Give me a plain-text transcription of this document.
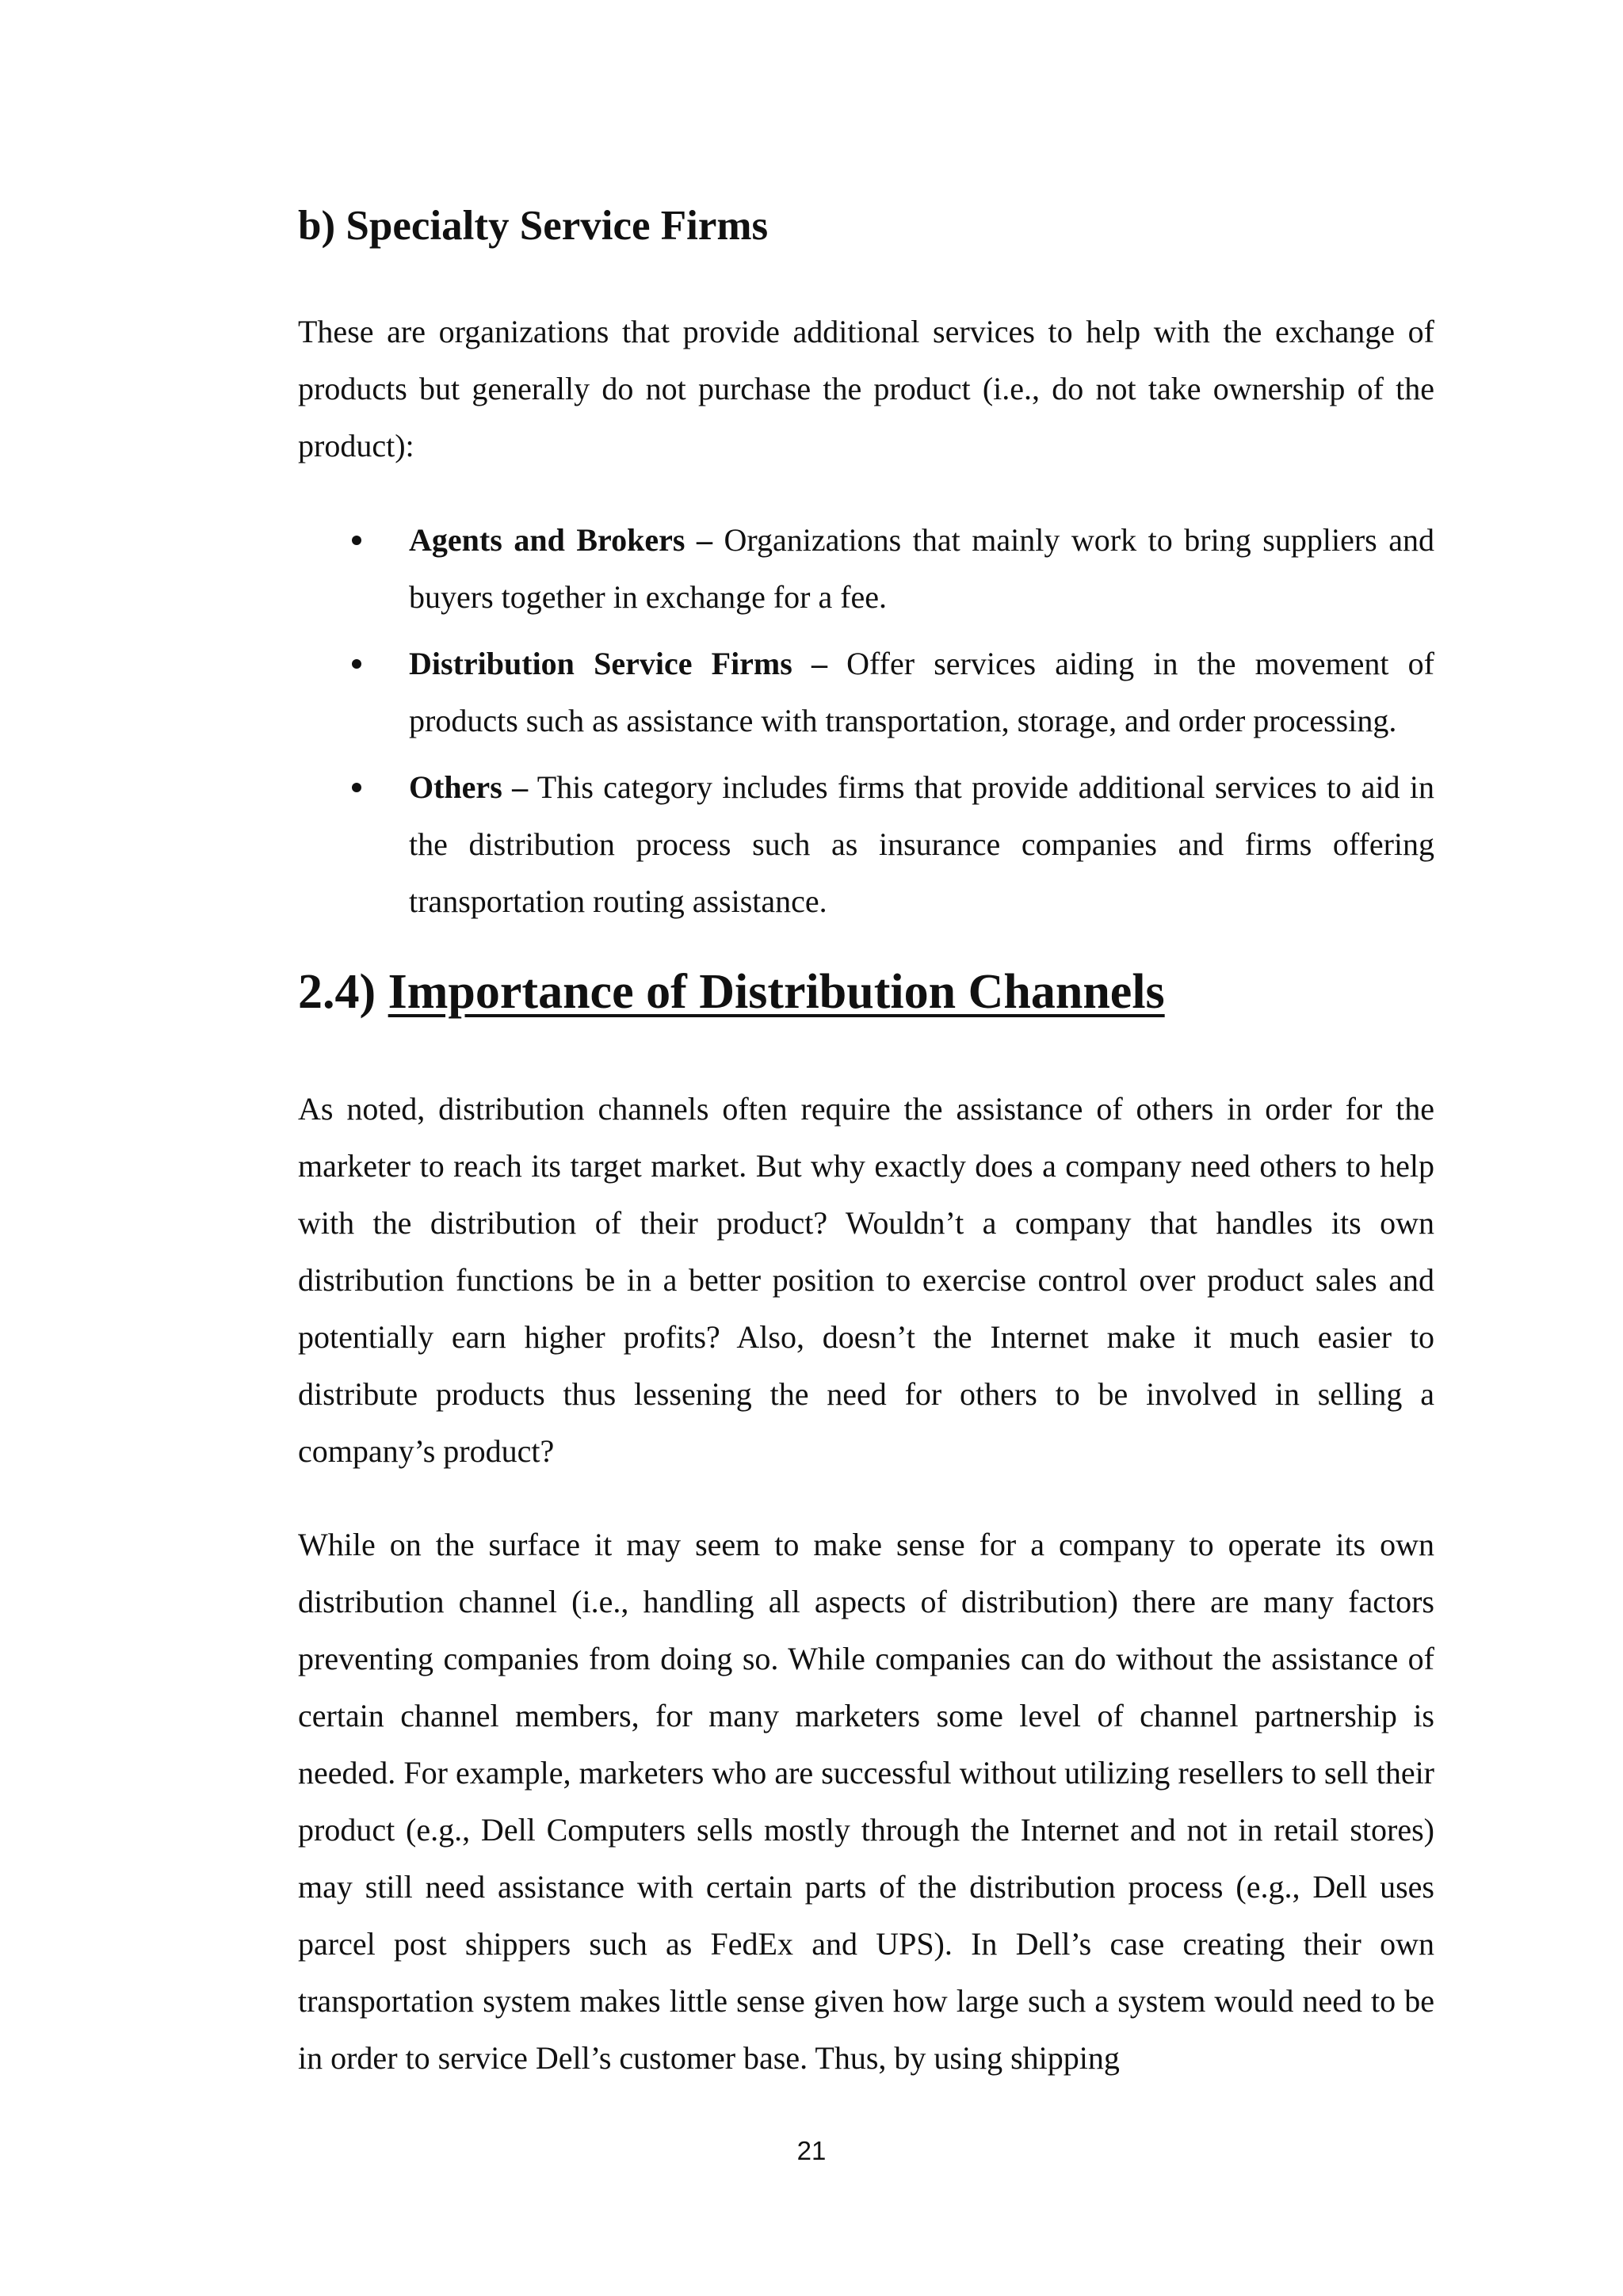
b) Specialty Service Firms

These are organizations that provide additional services to help with the exchange of products but generally do not purchase the product (i.e., do not take ownership of the product):

Agents and Brokers – Organizations that mainly work to bring suppliers and buyers together in exchange for a fee.
Distribution Service Firms – Offer services aiding in the movement of products such as assistance with transportation, storage, and order processing.
Others – This category includes firms that provide additional services to aid in the distribution process such as insurance companies and firms offering transportation routing assistance.
2.4) Importance of Distribution Channels

As noted, distribution channels often require the assistance of others in order for the marketer to reach its target market. But why exactly does a company need others to help with the distribution of their product? Wouldn’t a company that handles its own distribution functions be in a better position to exercise control over product sales and potentially earn higher profits? Also, doesn’t the Internet make it much easier to distribute products thus lessening the need for others to be involved in selling a company’s product?

While on the surface it may seem to make sense for a company to operate its own distribution channel (i.e., handling all aspects of distribution) there are many factors preventing companies from doing so. While companies can do without the assistance of certain channel members, for many marketers some level of channel partnership is needed. For example, marketers who are successful without utilizing resellers to sell their product (e.g., Dell Computers sells mostly through the Internet and not in retail stores) may still need assistance with certain parts of the distribution process (e.g., Dell uses parcel post shippers such as FedEx and UPS). In Dell’s case creating their own transportation system makes little sense given how large such a system would need to be in order to service Dell’s customer base. Thus, by using shipping

21
